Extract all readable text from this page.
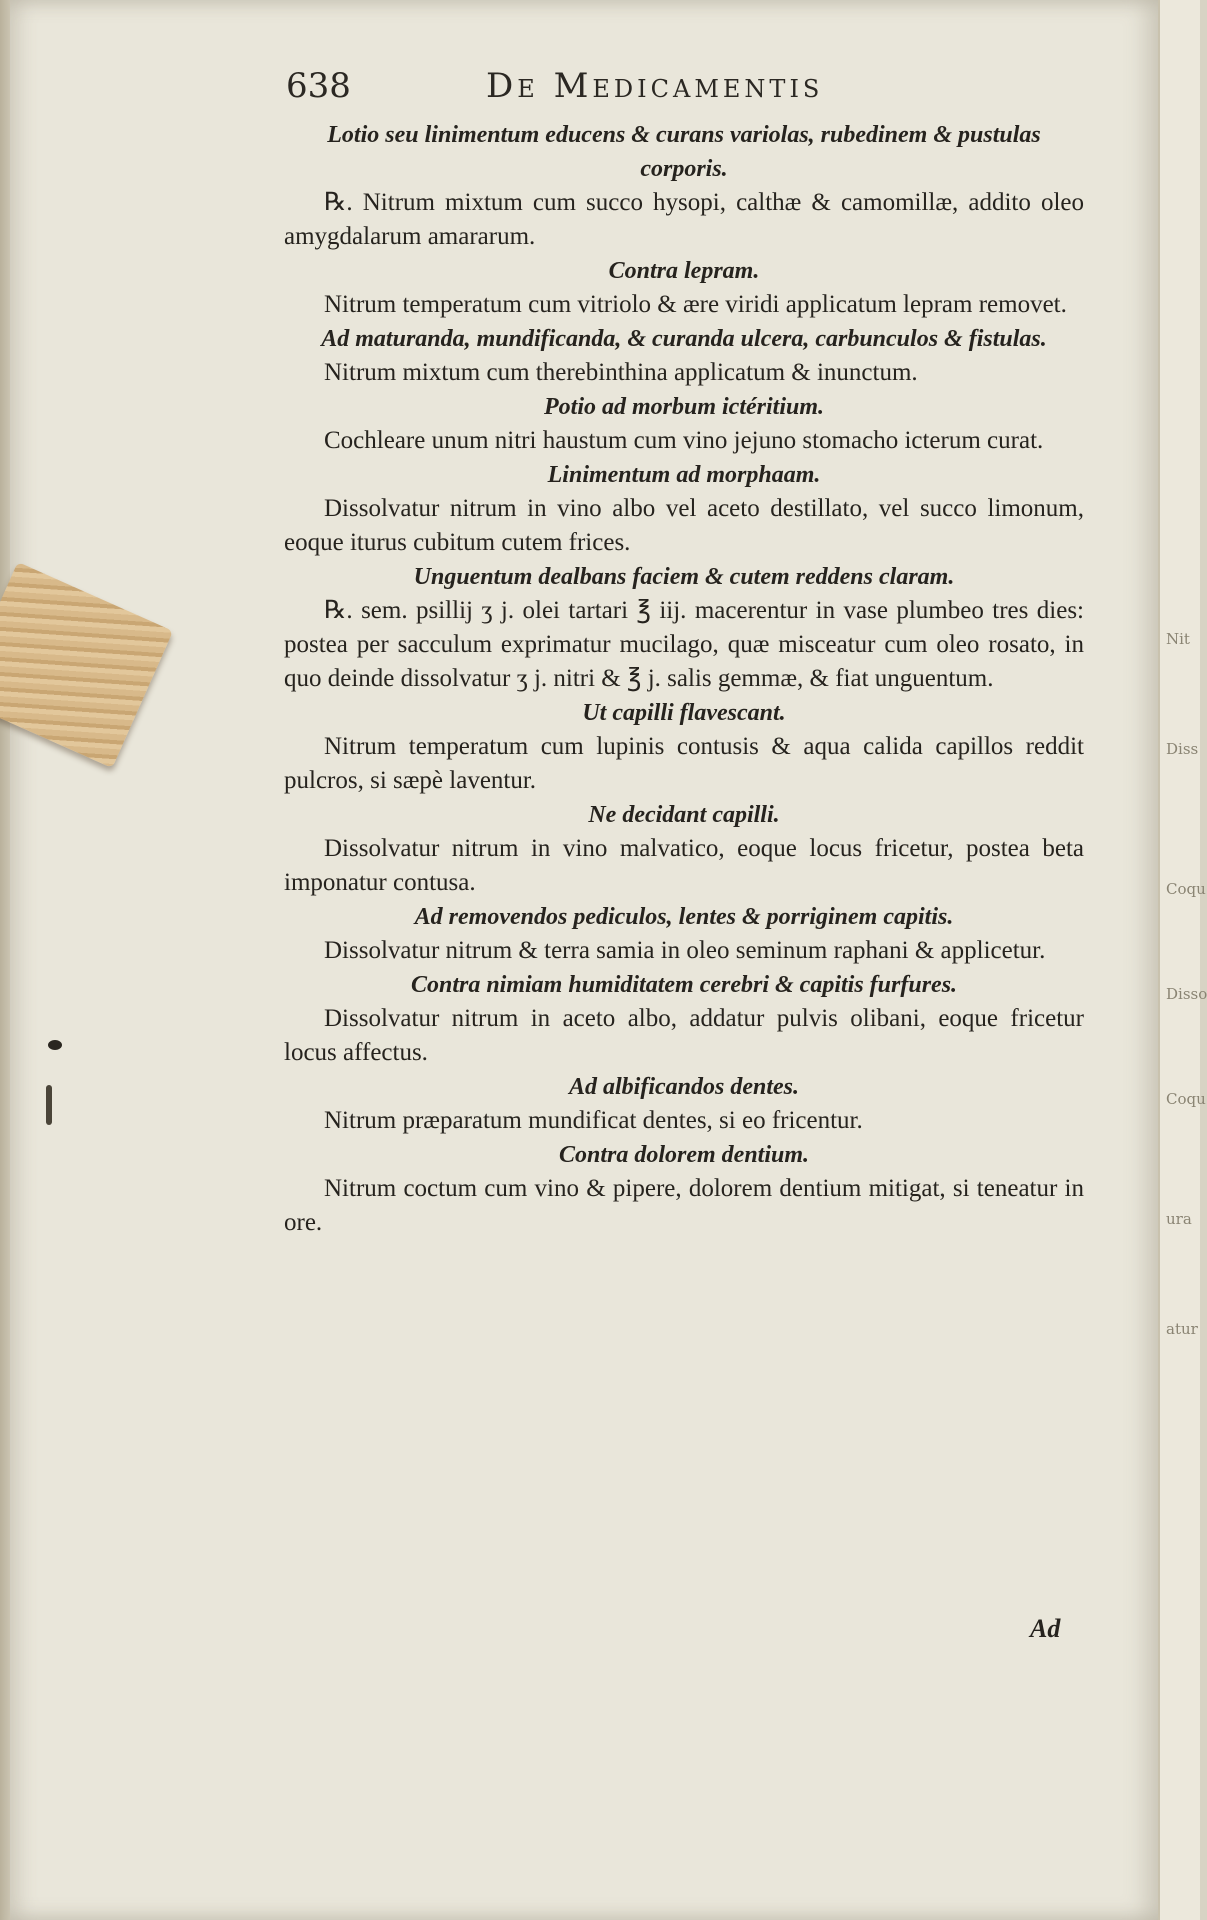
Nit
Diss
Coqu
Disso
Coqu
ura
atur
638	De Medicamentis
Lotio seu linimentum educens & curans variolas, rubedinem & pustulas corporis.
℞. Nitrum mixtum cum succo hysopi, calthæ & camomillæ, addito oleo amygdalarum amararum.
Contra lepram.
Nitrum temperatum cum vitriolo & ære viridi applicatum lepram removet.
Ad maturanda, mundificanda, & curanda ulcera, carbunculos & fistulas.
Nitrum mixtum cum therebinthina applicatum & inunctum.
Potio ad morbum ictéritium.
Cochleare unum nitri haustum cum vino jejuno stomacho icterum curat.
Linimentum ad morphaam.
Dissolvatur nitrum in vino albo vel aceto destillato, vel succo limonum, eoque iturus cubitum cutem frices.
Unguentum dealbans faciem & cutem reddens claram.
℞. sem. psillij ʒ j. olei tartari ℥ iij. macerentur in vase plumbeo tres dies: postea per sacculum exprimatur mucilago, quæ misceatur cum oleo rosato, in quo deinde dissolvatur ʒ j. nitri & ℥ j. salis gemmæ, & fiat unguentum.
Ut capilli flavescant.
Nitrum temperatum cum lupinis contusis & aqua calida capillos reddit pulcros, si sæpè laventur.
Ne decidant capilli.
Dissolvatur nitrum in vino malvatico, eoque locus fricetur, postea beta imponatur contusa.
Ad removendos pediculos, lentes & porriginem capitis.
Dissolvatur nitrum & terra samia in oleo seminum raphani & applicetur.
Contra nimiam humiditatem cerebri & capitis furfures.
Dissolvatur nitrum in aceto albo, addatur pulvis olibani, eoque fricetur locus affectus.
Ad albificandos dentes.
Nitrum præparatum mundificat dentes, si eo fricentur.
Contra dolorem dentium.
Nitrum coctum cum vino & pipere, dolorem dentium mitigat, si teneatur in ore.
Ad
